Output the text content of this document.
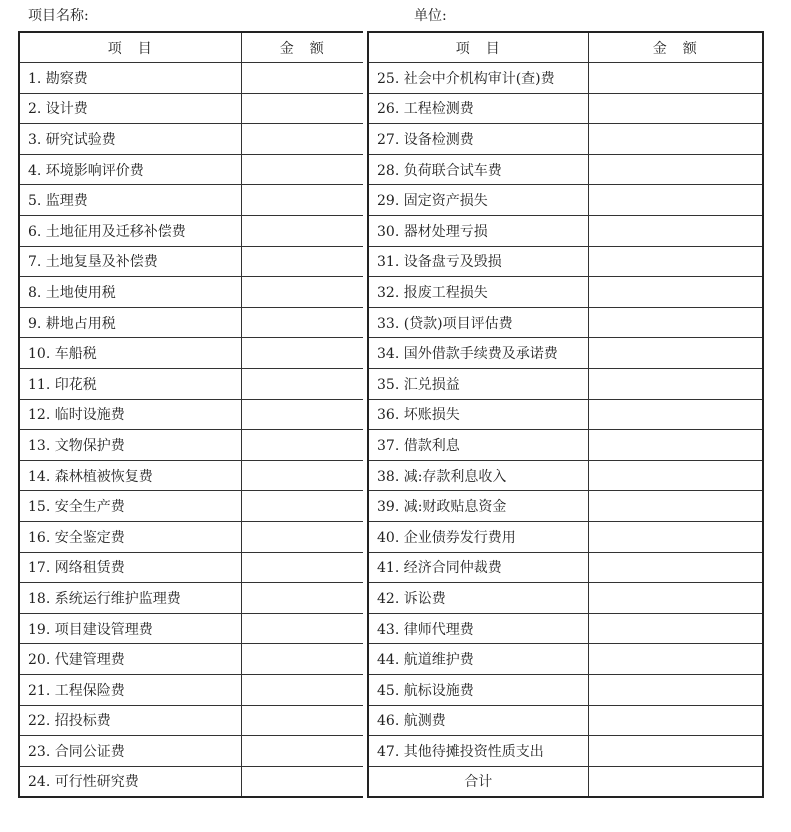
项目名称:	单位:
项　目	金　额
1. 勘察费	
2. 设计费	
3. 研究试验费	
4. 环境影响评价费	
5. 监理费	
6. 土地征用及迁移补偿费	
7. 土地复垦及补偿费	
8. 土地使用税	
9. 耕地占用税	
10. 车船税	
11. 印花税	
12. 临时设施费	
13. 文物保护费	
14. 森林植被恢复费	
15. 安全生产费	
16. 安全鉴定费	
17. 网络租赁费	
18. 系统运行维护监理费	
19. 项目建设管理费	
20. 代建管理费	
21. 工程保险费	
22. 招投标费	
23. 合同公证费	
24. 可行性研究费	
项　目	金　额
25. 社会中介机构审计(查)费	
26. 工程检测费	
27. 设备检测费	
28. 负荷联合试车费	
29. 固定资产损失	
30. 器材处理亏损	
31. 设备盘亏及毁损	
32. 报废工程损失	
33. (贷款)项目评估费	
34. 国外借款手续费及承诺费	
35. 汇兑损益	
36. 坏账损失	
37. 借款利息	
38. 减:存款利息收入	
39. 减:财政贴息资金	
40. 企业债券发行费用	
41. 经济合同仲裁费	
42. 诉讼费	
43. 律师代理费	
44. 航道维护费	
45. 航标设施费	
46. 航测费	
47. 其他待摊投资性质支出	
合计	
